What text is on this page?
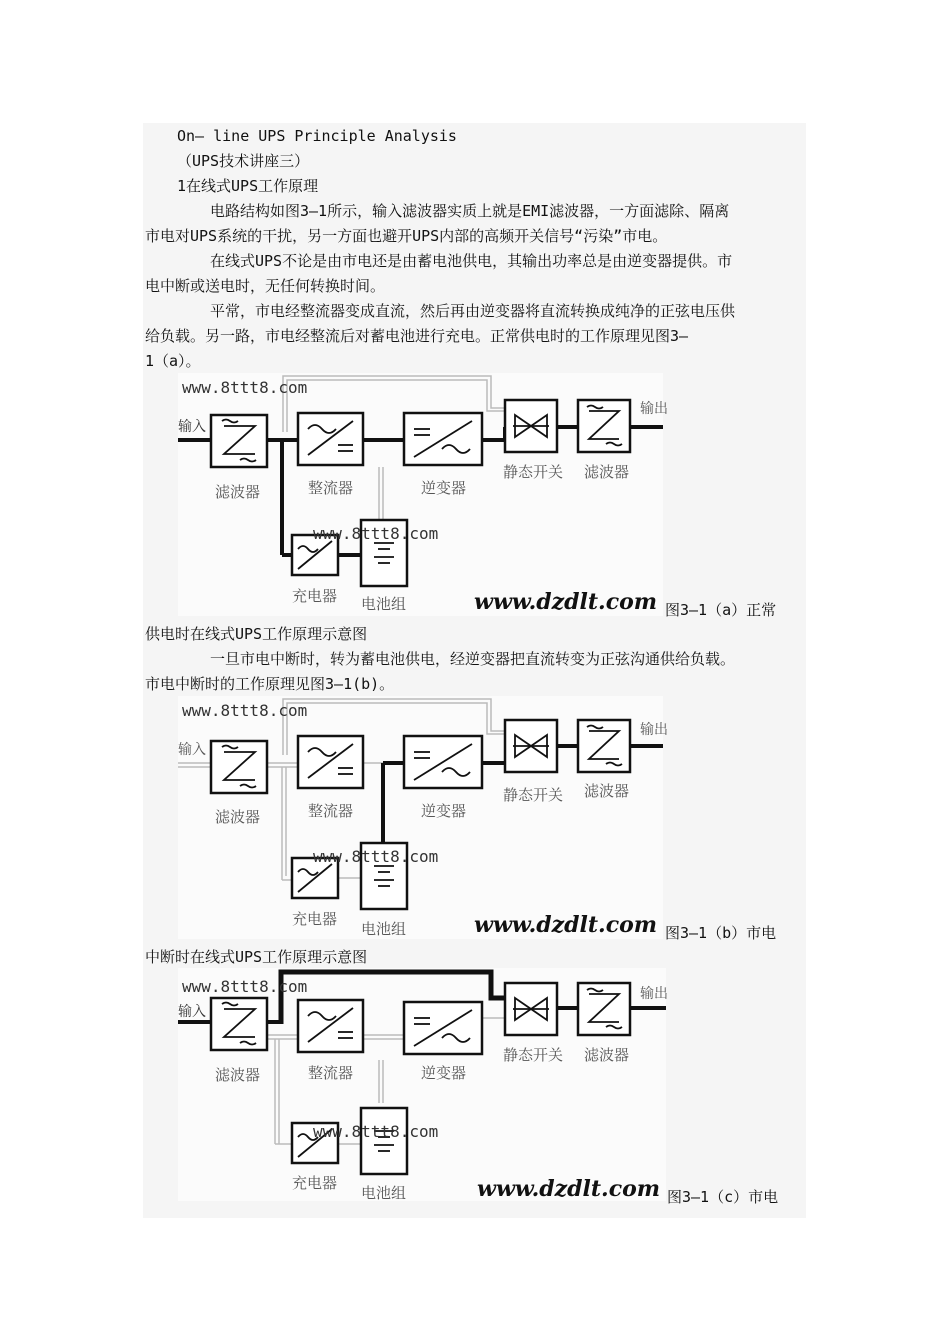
On— line UPS Principle Analysis
（UPS技术讲座三）
1在线式UPS工作原理
电路结构如图3—1所示，输入滤波器实质上就是EMI滤波器，一方面滤除、隔离
市电对UPS系统的干扰，另一方面也避开UPS内部的高频开关信号“污染”市电。
在线式UPS不论是由市电还是由蓄电池供电，其输出功率总是由逆变器提供。市
电中断或送电时，无任何转换时间。
平常，市电经整流器变成直流，然后再由逆变器将直流转换成纯净的正弦电压供
给负载。另一路，市电经整流后对蓄电池进行充电。正常供电时的工作原理见图3—
1（a）。
www.8ttt8.com
www.8ttt8.com
www.dzdlt.com
输入
输出
滤波器	整流器	逆变器
静态开关 滤波器
充电器 电池组	图3—1（a）正常
供电时在线式UPS工作原理示意图
一旦市电中断时，转为蓄电池供电，经逆变器把直流转变为正弦沟通供给负载。
市电中断时的工作原理见图3—1(b)。
www.8ttt8.com
www.8ttt8.com
www.dzdlt.com
输入
输出
滤波器	整流器	逆变器
静态开关 滤波器
充电器
电池组	图3—1（b）市电
中断时在线式UPS工作原理示意图
www.8ttt8.com
www.8ttt8.com
www.dzdlt.com
输入
输出
滤波器	整流器	逆变器
静态开关 滤波器
充电器
电池组	图3—1（c）市电
